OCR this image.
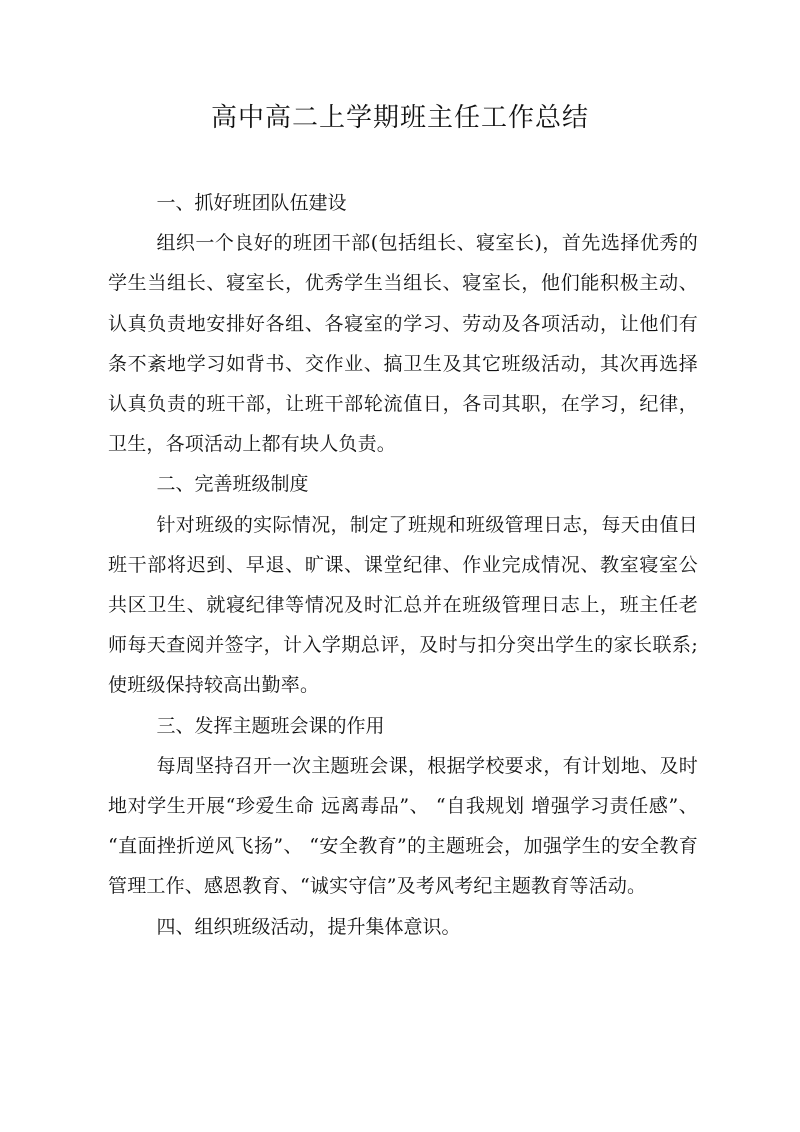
高中高二上学期班主任工作总结
一、抓好班团队伍建设
组织一个良好的班团干部(包括组长、寝室长)，首先选择优秀的学生当组长、寝室长，优秀学生当组长、寝室长，他们能积极主动、认真负责地安排好各组、各寝室的学习、劳动及各项活动，让他们有条不紊地学习如背书、交作业、搞卫生及其它班级活动，其次再选择认真负责的班干部，让班干部轮流值日，各司其职，在学习，纪律，卫生，各项活动上都有块人负责。
二、完善班级制度
针对班级的实际情况，制定了班规和班级管理日志，每天由值日班干部将迟到、早退、旷课、课堂纪律、作业完成情况、教室寝室公共区卫生、就寝纪律等情况及时汇总并在班级管理日志上，班主任老师每天查阅并签字，计入学期总评，及时与扣分突出学生的家长联系;使班级保持较高出勤率。
三、发挥主题班会课的作用
每周坚持召开一次主题班会课，根据学校要求，有计划地、及时地对学生开展“珍爱生命 远离毒品”、 “自我规划 增强学习责任感”、 “直面挫折逆风飞扬”、 “安全教育”的主题班会，加强学生的安全教育管理工作、感恩教育、“诚实守信”及考风考纪主题教育等活动。
四、组织班级活动，提升集体意识。
